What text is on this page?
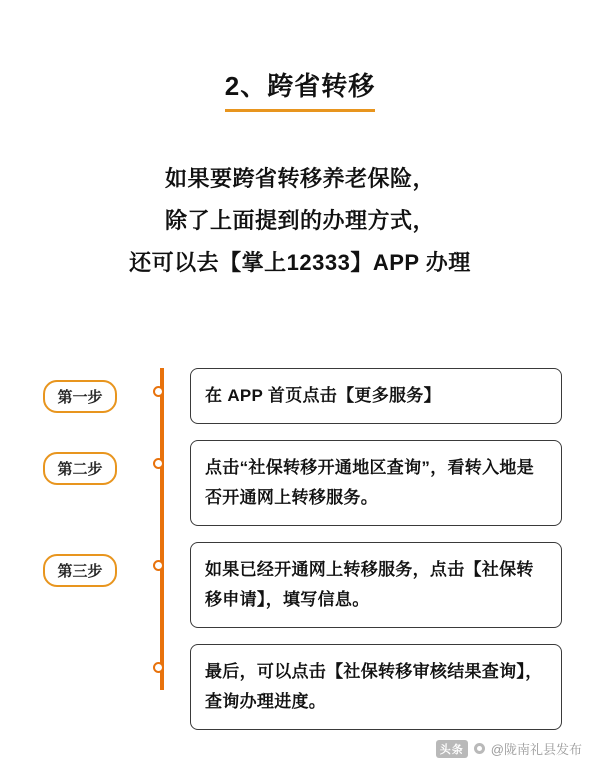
2、跨省转移
如果要跨省转移养老保险，
除了上面提到的办理方式，
还可以去【掌上12333】APP 办理
第一步	在 APP 首页点击【更多服务】
第二步	点击“社保转移开通地区查询”，看转入地是否开通网上转移服务。
第三步	如果已经开通网上转移服务，点击【社保转移申请】，填写信息。
最后，可以点击【社保转移审核结果查询】，查询办理进度。
头条	@陇南礼县发布
